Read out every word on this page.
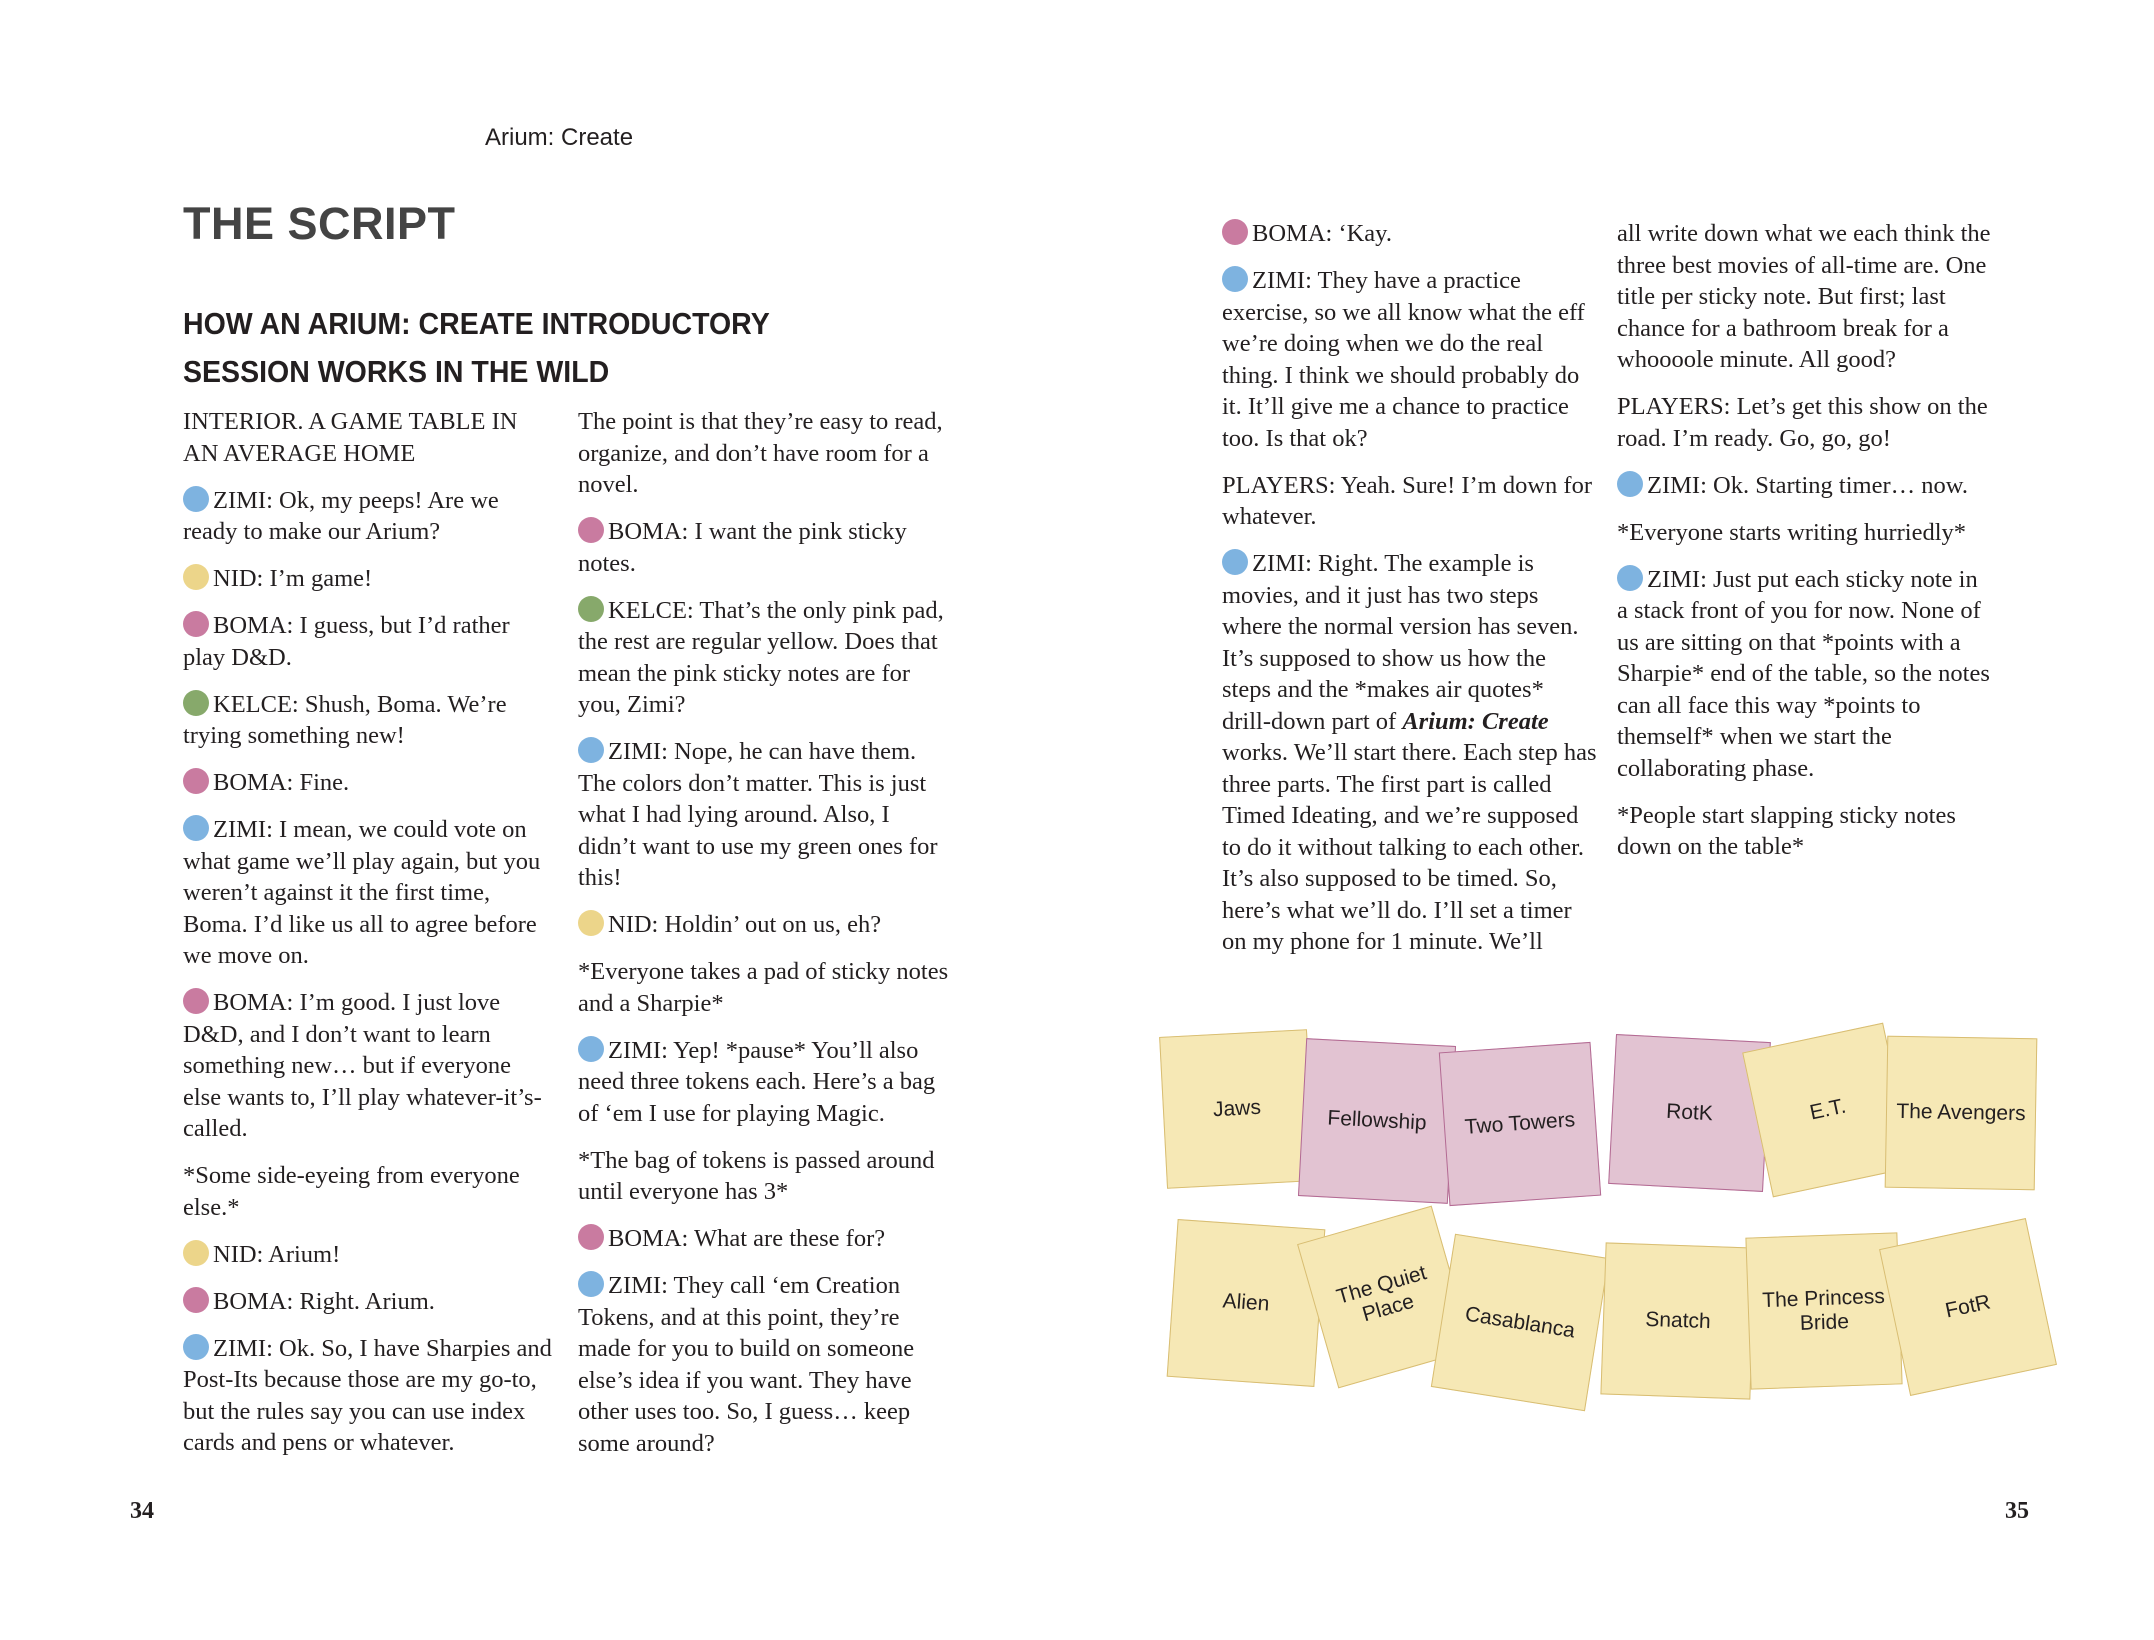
Arium: Create
THE SCRIPT
HOW AN ARIUM: CREATE INTRODUCTORY SESSION WORKS IN THE WILD

INTERIOR. A GAME TABLE IN AN AVERAGE HOME

ZIMI: Ok, my peeps! Are we ready to make our Arium?

NID: I’m game!

BOMA: I guess, but I’d rather play D&D.

KELCE: Shush, Boma. We’re trying something new!

BOMA: Fine.

ZIMI: I mean, we could vote on what game we’ll play again, but you weren’t against it the first time, Boma. I’d like us all to agree before we move on.

BOMA: I’m good. I just love D&D, and I don’t want to learn something new… but if everyone else wants to, I’ll play whatever-it’s-called.

*Some side-eyeing from everyone else.*

NID: Arium!

BOMA: Right. Arium.

ZIMI: Ok. So, I have Sharpies and Post-Its because those are my go-to, but the rules say you can use index cards and pens or whatever.

The point is that they’re easy to read, organize, and don’t have room for a novel.

BOMA: I want the pink sticky notes.

KELCE: That’s the only pink pad, the rest are regular yellow. Does that mean the pink sticky notes are for you, Zimi?

ZIMI: Nope, he can have them. The colors don’t matter. This is just what I had lying around. Also, I didn’t want to use my green ones for this!

NID: Holdin’ out on us, eh?

*Everyone takes a pad of sticky notes and a Sharpie*

ZIMI: Yep! *pause* You’ll also need three tokens each. Here’s a bag of ‘em I use for playing Magic.

*The bag of tokens is passed around until everyone has 3*

BOMA: What are these for?

ZIMI: They call ‘em Creation Tokens, and at this point, they’re made for you to build on someone else’s idea if you want. They have other uses too. So, I guess… keep some around?

BOMA: ‘Kay.

ZIMI: They have a practice exercise, so we all know what the eff we’re doing when we do the real thing. I think we should probably do it. It’ll give me a chance to practice too. Is that ok?

PLAYERS: Yeah. Sure! I’m down for whatever.

ZIMI: Right. The example is movies, and it just has two steps where the normal version has seven. It’s supposed to show us how the steps and the *makes air quotes* drill-down part of Arium: Create works. We’ll start there. Each step has three parts. The first part is called Timed Ideating, and we’re supposed to do it without talking to each other. It’s also supposed to be timed. So, here’s what we’ll do. I’ll set a timer on my phone for 1 minute. We’ll

all write down what we each think the three best movies of all-time are. One title per sticky note. But first; last chance for a bathroom break for a whoooole minute. All good?

PLAYERS: Let’s get this show on the road. I’m ready. Go, go, go!

ZIMI: Ok. Starting timer… now.

*Everyone starts writing hurriedly*

ZIMI: Just put each sticky note in a stack front of you for now. None of us are sitting on that *points with a Sharpie* end of the table, so the notes can all face this way *points to themself* when we start the collaborating phase.

*People start slapping sticky notes down on the table*

Jaws	Fellowship Two Towers	RotK	E.T. The Avengers
Alien	The Quiet Place	Casablanca	Snatch
The Princess Bride
FotR
34	35
